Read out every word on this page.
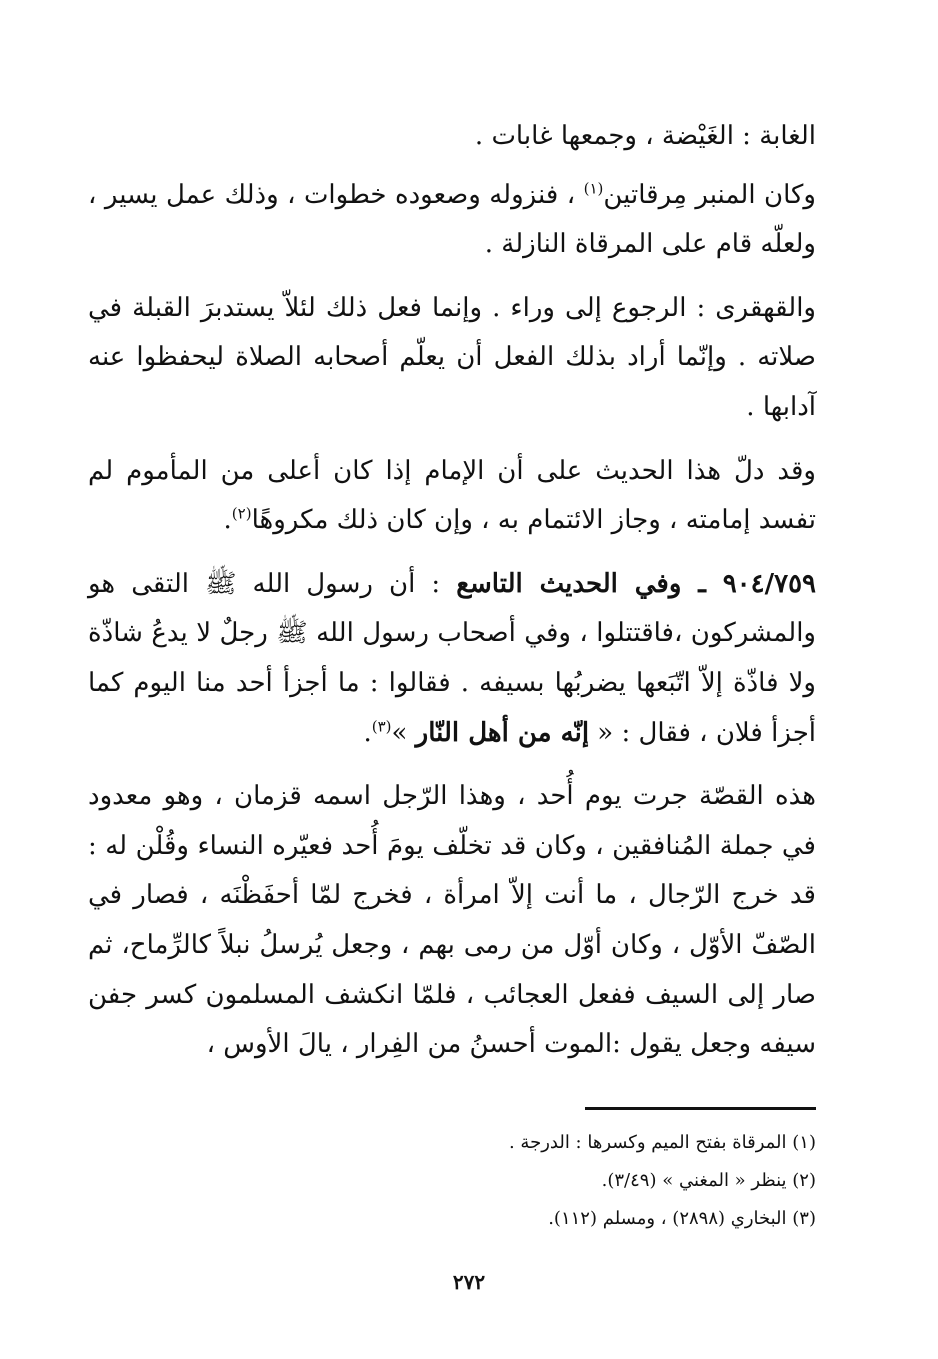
الغابة : الغَيْضة ، وجمعها غابات .

وكان المنبر مِرقاتين$^{(١)}$ ، فنزوله وصعوده خطوات ، وذلك عمل يسير ، ولعلّه قام على المرقاة النازلة .

والقهقرى : الرجوع إلى وراء . وإنما فعل ذلك لئلاّ يستدبرَ القبلة في صلاته . وإنّما أراد بذلك الفعل أن يعلّم أصحابه الصلاة ليحفظوا عنه آدابها .

وقد دلّ هذا الحديث على أن الإمام إذا كان أعلى من المأموم لم تفسد إمامته ، وجاز الائتمام به ، وإن كان ذلك مكروهًا$^{(٢)}$.

٩٠٤/٧٥٩ ـ وفي الحديث التاسع : أن رسول الله ﷺ التقى هو والمشركون ،فاقتتلوا ، وفي أصحاب رسول الله ﷺ رجلٌ لا يدعُ شاذّة ولا فاذّة إلاّ اتّبَعها يضربُها بسيفه . فقالوا : ما أجزأ أحد منا اليوم كما أجزأ فلان ، فقال : « إنّه من أهل النّار »$^{(٣)}$.

هذه القصّة جرت يوم أُحد ، وهذا الرّجل اسمه قزمان ، وهو معدود في جملة المُنافقين ، وكان قد تخلّف يومَ أُحد فعيّره النساء وقُلْن له : قد خرج الرّجال ، ما أنت إلاّ امرأة ، فخرج لمّا أحفَظْنَه ، فصار في الصّفّ الأوّل ، وكان أوّل من رمى بهم ، وجعل يُرسلُ نبلاً كالرِّماح، ثم صار إلى السيف ففعل العجائب ، فلمّا انكشف المسلمون كسر جفن سيفه وجعل يقول :الموت أحسنُ من الفِرار ، يالَ الأوس ،

(١) المرقاة بفتح الميم وكسرها : الدرجة .

(٢) ينظر « المغني » (٣/٤٩).

(٣) البخاري (٢٨٩٨) ، ومسلم (١١٢).

٢٧٢
